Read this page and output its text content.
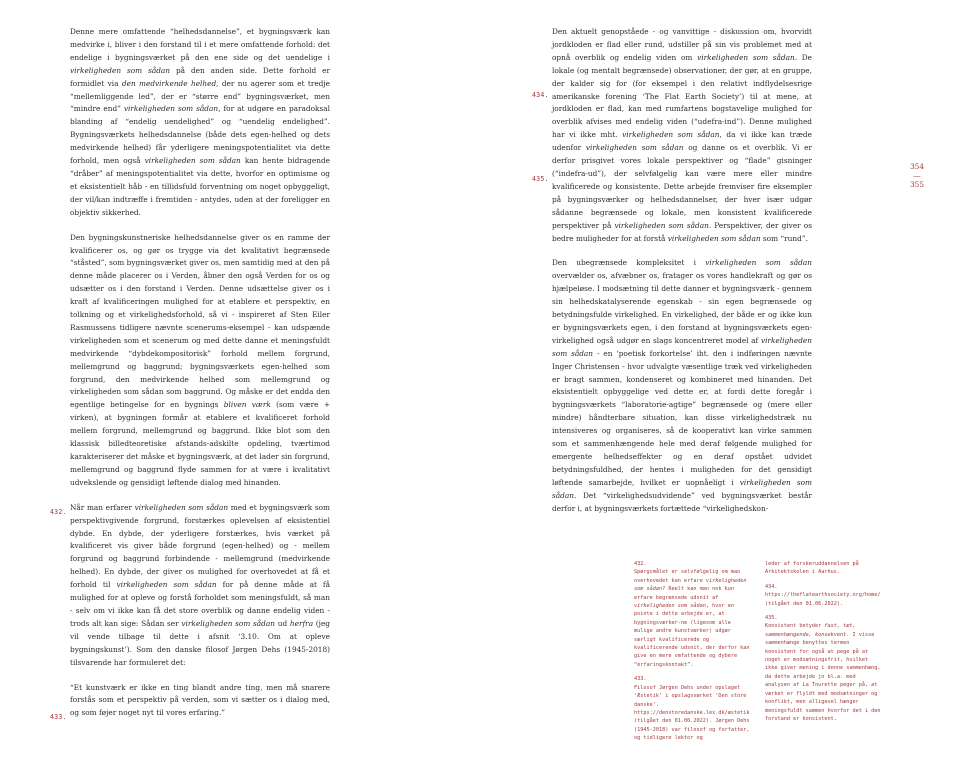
Denne mere omfattende “helhedsdannelse”, et bygningsværk kan medvirke i, bliver i den forstand til i et mere omfattende forhold: det endelige i bygningsværket på den ene side og det uendelige i virkeligheden som sådan på den anden side. Dette forhold er formidlet via den medvirkende helhed, der nu agerer som et tredje “mellemliggende led”, der er “større end” bygningsværket, men “mindre end” virkeligheden som sådan, for at udgøre en paradoksal blanding af “endelig uendelighed” og “uendelig endelighed”. Bygningsværkets helhedsdannelse (både dets egen-helhed og dets medvirkende helhed) får yderligere meningspotentialitet via dette forhold, men også virkeligheden som sådan kan hente bidragende “dråber” af meningspotentialitet via dette, hvorfor en optimisme og et eksistentielt håb - en tillidsfuld forventning om noget opbyggeligt, der vil/kan indtræffe i fremtiden - antydes, uden at der foreligger en objektiv sikkerhed.

Den bygningskunstneriske helhedsdannelse giver os en ramme der kvalificerer os, og gør os trygge via det kvalitativt begrænsede “ståsted”, som bygningsværket giver os, men samtidig med at den på denne måde placerer os i Verden, åbner den også Verden for os og udsætter os i den forstand i Verden. Denne udsættelse giver os i kraft af kvalificeringen mulighed for at etablere et perspektiv, en tolkning og et virkelighedsforhold, så vi - inspireret af Sten Eiler Rasmussens tidligere nævnte scenerums-eksempel - kan udspænde virkeligheden som et scenerum og med dette danne et meningsfuldt medvirkende “dybdekompositorisk” forhold mellem forgrund, mellemgrund og baggrund; bygningsværkets egen-helhed som forgrund, den medvirkende helhed som mellemgrund og virkeligheden som sådan som baggrund. Og måske er det endda den egentlige betingelse for en bygnings bliven værk (som være + virken), at bygningen formår at etablere et kvalificeret forhold mellem forgrund, mellemgrund og baggrund. Ikke blot som den klassisk billedteoretiske afstands-adskilte opdeling, tværtimod karakteriserer det måske et bygningsværk, at det lader sin forgrund, mellemgrund og baggrund flyde sammen for at være i kvalitativt udvekslende og gensidigt løftende dialog med hinanden.

Når man erfarer virkeligheden som sådan med et bygningsværk som perspektivgivende forgrund, forstærkes oplevelsen af eksistentiel dybde. En dybde, der yderligere forstærkes, hvis værket på kvalificeret vis giver både forgrund (egen-helhed) og - mellem forgrund og baggrund forbindende - mellemgrund (medvirkende helhed). En dybde, der giver os mulighed for overhovedet at få et forhold til virkeligheden som sådan for på denne måde at få mulighed for at opleve og forstå forholdet som meningsfuldt, så man - selv om vi ikke kan få det store overblik og danne endelig viden - trods alt kan sige: Sådan ser virkeligheden som sådan ud herfra (jeg vil vende tilbage til dette i afsnit ‘3.10. Om at opleve bygningskunst’). Som den danske filosof Jørgen Dehs (1945-2018) tilsvarende har formuleret det:

“Et kunstværk er ikke en ting blandt andre ting, men må snarere forstås som et perspektiv på verden, som vi sætter os i dialog med, og som føjer noget nyt til vores erfaring.”

432.
433.

Den aktuelt genopståede - og vanvittige - diskussion om, hvorvidt jordkloden er flad eller rund, udstiller på sin vis problemet med at opnå overblik og endelig viden om virkeligheden som sådan. De lokale (og mentalt begrænsede) observationer, der gør, at en gruppe, der kalder sig for (for eksempel i den relativt indflydelsesrige amerikanske forening ‘The Flat Earth Society’) til at mene, at jordkloden er flad, kan med rumfartens bogstavelige mulighed for overblik afvises med endelig viden (“udefra-ind”). Denne mulighed har vi ikke mht. virkeligheden som sådan, da vi ikke kan træde udenfor virkeligheden som sådan og danne os et overblik. Vi er derfor prisgivet vores lokale perspektiver og “flade” gisninger (“indefra-ud”), der selvfølgelig kan være mere eller mindre kvalificerede og konsistente. Dette arbejde fremviser fire eksempler på bygningsværker og helhedsdannelser, der hver især udgør sådanne begrænsede og lokale, men konsistent kvalificerede perspektiver på virkeligheden som sådan. Perspektiver, der giver os bedre muligheder for at forstå virkeligheden som sådan som “rund”.

Den ubegrænsede kompleksitet i virkeligheden som sådan overvælder os, afvæbner os, fratager os vores handlekraft og gør os hjælpeløse. I modsætning til dette danner et bygningsværk - gennem sin helhedskatalyserende egenskab - sin egen begrænsede og betydningsfulde virkelighed. En virkelighed, der både er og ikke kun er bygningsværkets egen, i den forstand at bygningsværkets egen-virkelighed også udgør en slags koncentreret model af virkeligheden som sådan - en ‘poetisk forkortelse’ iht. den i indføringen nævnte Inger Christensen - hvor udvalgte væsentlige træk ved virkeligheden er bragt sammen, kondenseret og kombineret med hinanden. Det eksistentielt opbyggelige ved dette er, at fordi dette foregår i bygningsværkets “laboratorie-agtige” begrænsede og (mere eller mindre) håndterbare situation, kan disse virkelighedstræk nu intensiveres og organiseres, så de kooperativt kan virke sammen som et sammenhængende hele med deraf følgende mulighed for emergente helhedseffekter og en deraf opstået udvidet betydningsfuldhed, der hentes i muligheden for det gensidigt løftende samarbejde, hvilket er uopnåeligt i virkeligheden som sådan. Det “virkelighedsudvidende” ved bygningsværket består derfor i, at bygningsværkets fortættede “virkelighedskon-

434.
435.
354
—
355

432.
Spørgsmålet er selvfølgelig om man overhovedet kan erfare virkeligheden som sådan? Reelt kan man nok kun erfare begrænsede udsnit af virkeligheden som sådan, hvor en pointe i dette arbejde er, at bygningsværker-ne (ligesom alle mulige andre kunstværker) udgør særligt kvalificerede og kvalificerende udsnit, der derfor kan give en mere omfattende og dybere “erfaringskontakt”.

433.
Filosof Jørgen Dehs under opslaget ‘Æstetik’ i opslagsværket ‘Den store danske’. https://denstoredanske.lex.dk/æstetik (tilgået den 01.06.2022). Jørgen Dehs (1945-2018) var filosof og forfatter, og tidligere lektor og

leder af forskeruddannelsen på Arkitektskolen i Aarhus.

434.
https://theflatearthsociety.org/home/ (tilgået den 01.06.2022).

435.
Konsistent betyder fast, tæt, sammenhængende, konsekvent. I visse sammenhænge benyttes termen konsistent for også at pege på at noget er modsætningsfrit, hvilket ikke giver mening i denne sammenhæng, da dette arbejde jo bl.a. med analysen af La Tourette peger på, at værket er flyldt med modsætninger og konflikt, men alligevel hænger meningsfuldt sammen hvorfor det i den forstand er konsistent.
